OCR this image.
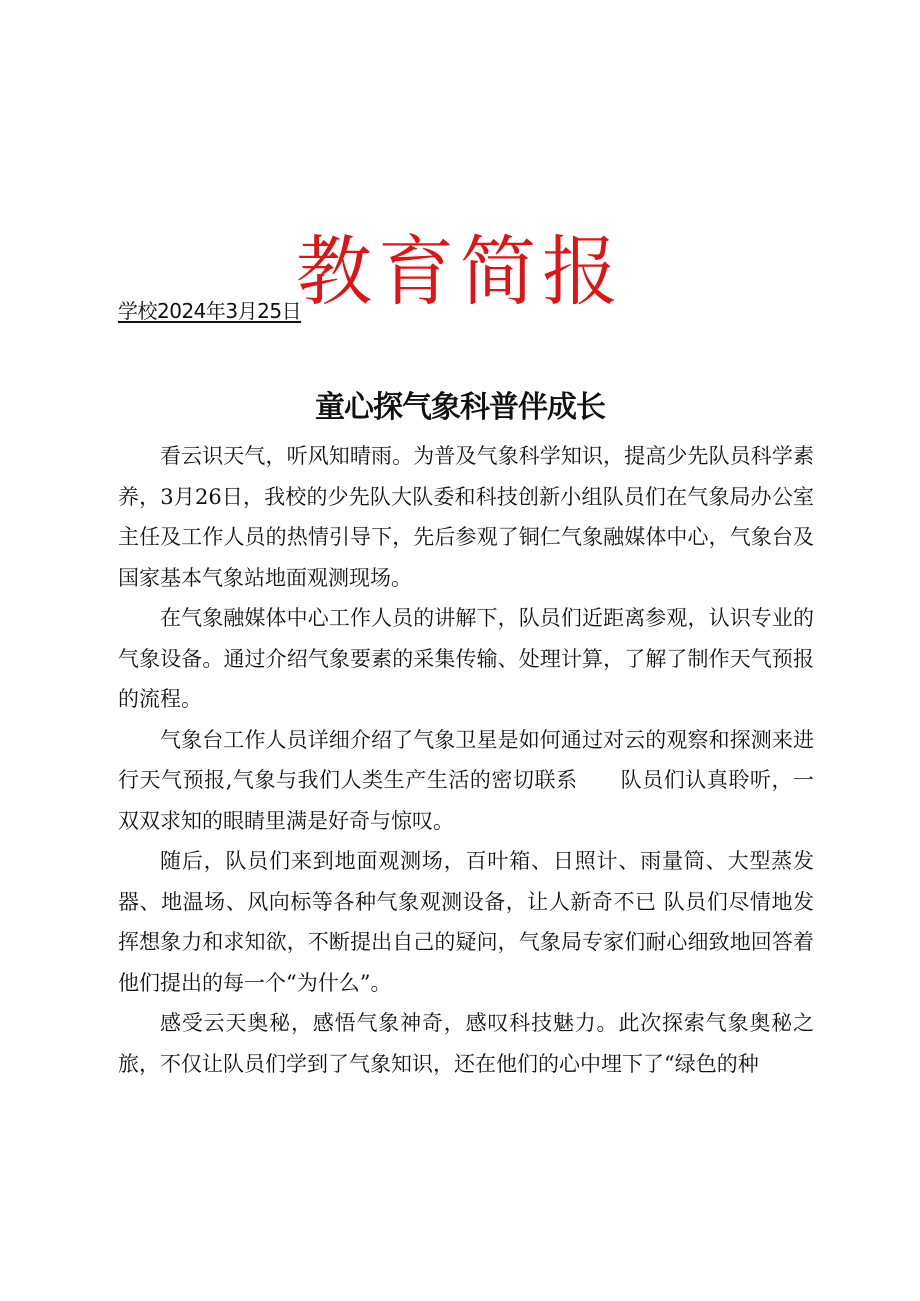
教育简报
学校2024年3月25日
童心探气象科普伴成长

看云识天气，听风知晴雨。为普及气象科学知识，提高少先队员科学素养，3月26日，我校的少先队大队委和科技创新小组队员们在气象局办公室主任及工作人员的热情引导下，先后参观了铜仁气象融媒体中心，气象台及国家基本气象站地面观测现场。

在气象融媒体中心工作人员的讲解下，队员们近距离参观，认识专业的气象设备。通过介绍气象要素的采集传输、处理计算，了解了制作天气预报的流程。

气象台工作人员详细介绍了气象卫星是如何通过对云的观察和探测来进行天气预报,气象与我们人类生产生活的密切联系　　队员们认真聆听，一双双求知的眼睛里满是好奇与惊叹。

随后，队员们来到地面观测场，百叶箱、日照计、雨量筒、大型蒸发器、地温场、风向标等各种气象观测设备，让人新奇不已 队员们尽情地发挥想象力和求知欲，不断提出自己的疑问，气象局专家们耐心细致地回答着他们提出的每一个“为什么”。

感受云天奥秘，感悟气象神奇，感叹科技魅力。此次探索气象奥秘之旅，不仅让队员们学到了气象知识，还在他们的心中埋下了“绿色的种
